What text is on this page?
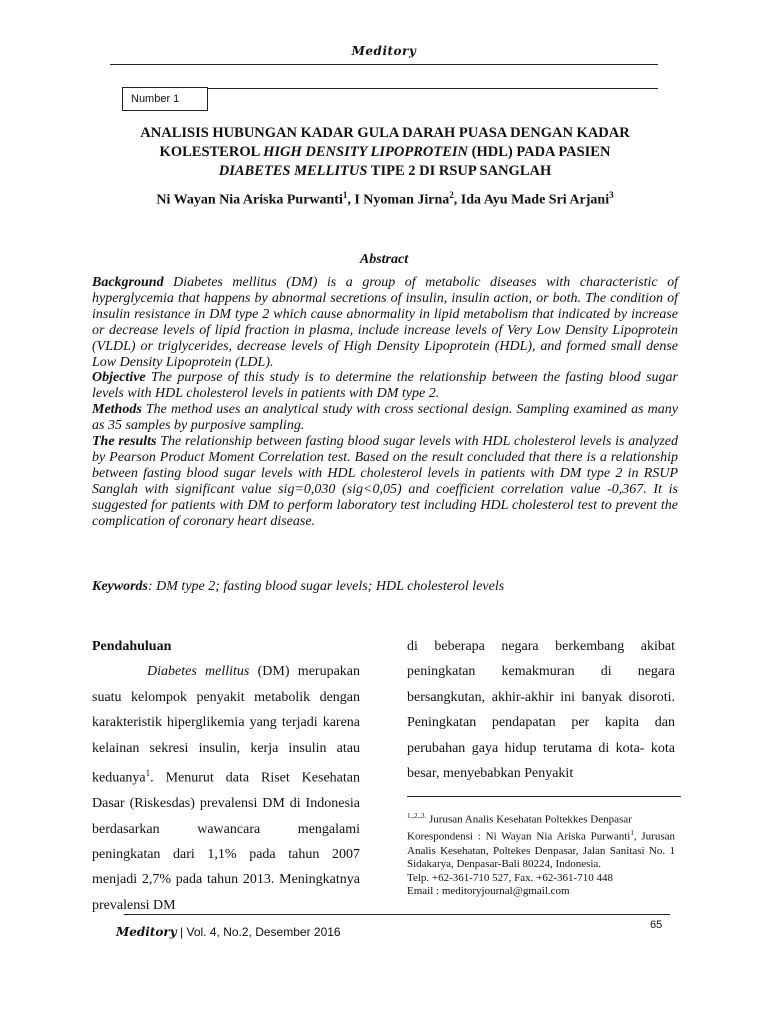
Meditory
Number 1
ANALISIS HUBUNGAN KADAR GULA DARAH PUASA DENGAN KADAR
KOLESTEROL HIGH DENSITY LIPOPROTEIN (HDL) PADA PASIEN
DIABETES MELLITUS TIPE 2 DI RSUP SANGLAH
Ni Wayan Nia Ariska Purwanti$^1$, I Nyoman Jirna$^2$, Ida Ayu Made Sri Arjani$^3$
Abstract

Background Diabetes mellitus (DM) is a group of metabolic diseases with characteristic of hyperglycemia that happens by abnormal secretions of insulin, insulin action, or both. The condition of insulin resistance in DM type 2 which cause abnormality in lipid metabolism that indicated by increase or decrease levels of lipid fraction in plasma, include increase levels of Very Low Density Lipoprotein (VLDL) or triglycerides, decrease levels of High Density Lipoprotein (HDL), and formed small dense Low Density Lipoprotein (LDL).

Objective The purpose of this study is to determine the relationship between the fasting blood sugar levels with HDL cholesterol levels in patients with DM type 2.

Methods The method uses an analytical study with cross sectional design. Sampling examined as many as 35 samples by purposive sampling.

The results The relationship between fasting blood sugar levels with HDL cholesterol levels is analyzed by Pearson Product Moment Correlation test. Based on the result concluded that there is a relationship between fasting blood sugar levels with HDL cholesterol levels in patients with DM type 2 in RSUP Sanglah with significant value sig=0,030 (sig<0,05) and coefficient correlation value -0,367. It is suggested for patients with DM to perform laboratory test including HDL cholesterol test to prevent the complication of coronary heart disease.

Keywords: DM type 2; fasting blood sugar levels; HDL cholesterol levels

Pendahuluan

Diabetes mellitus (DM) merupakan suatu kelompok penyakit metabolik dengan karakteristik hiperglikemia yang terjadi karena kelainan sekresi insulin, kerja insulin atau keduanya$^1$. Menurut data Riset Kesehatan Dasar (Riskesdas) prevalensi DM di Indonesia berdasarkan wawancara mengalami peningkatan dari 1,1% pada tahun 2007 menjadi 2,7% pada tahun 2013. Meningkatnya prevalensi DM

di beberapa negara berkembang akibat peningkatan kemakmuran di negara bersangkutan, akhir-akhir ini banyak disoroti. Peningkatan pendapatan per kapita dan perubahan gaya hidup terutama di kota- kota besar, menyebabkan Penyakit

$^{1.,2.,3.}$ Jurusan Analis Kesehatan Poltekkes Denpasar
Korespondensi : Ni Wayan Nia Ariska Purwanti$^1$, Jurusan Analis Kesehatan, Poltekes Denpasar, Jalan Sanitasi No. 1 Sidakarya, Denpasar-Bali 80224, Indonesia.
Telp. +62-361-710 527, Fax. +62-361-710 448
Email : meditoryjournal@gmail.com
Meditory | Vol. 4, No.2, Desember 2016	65
